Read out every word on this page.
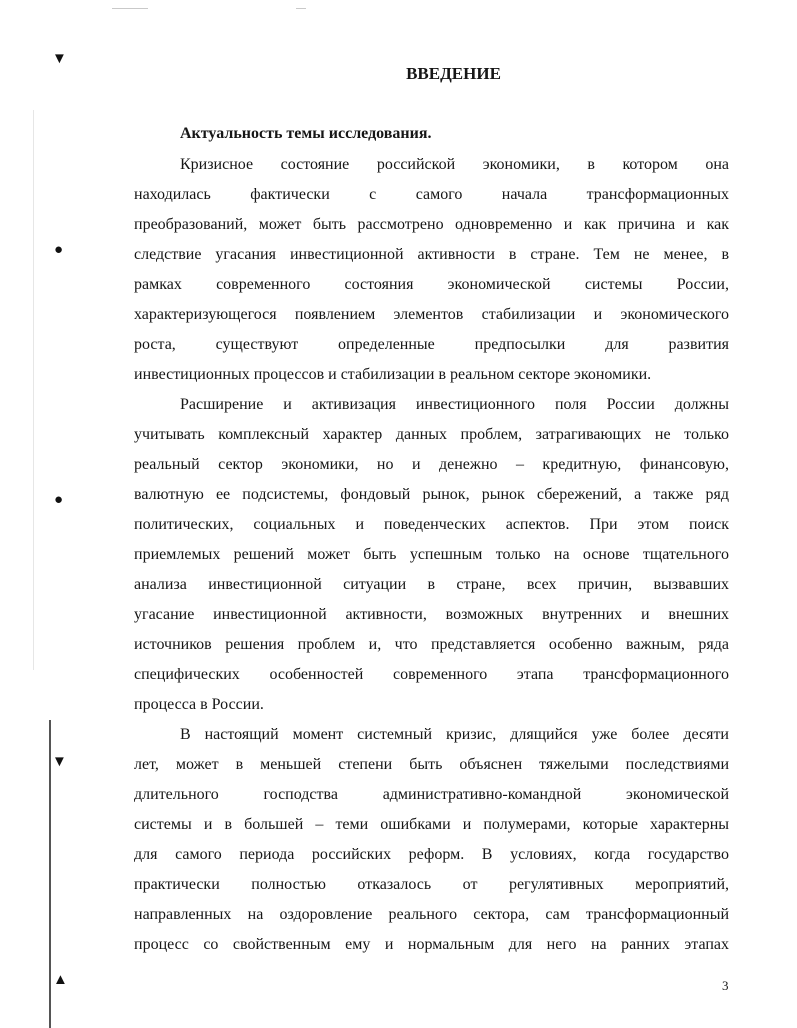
▼
●
●
▼
▲
ВВЕДЕНИЕ
Актуальность темы исследования.
Кризисное состояние российской экономики, в котором она
находилась фактически с самого начала трансформационных
преобразований, может быть рассмотрено одновременно и как причина и как
следствие угасания инвестиционной активности в стране. Тем не менее, в
рамках современного состояния экономической системы России,
характеризующегося появлением элементов стабилизации и экономического
роста, существуют определенные предпосылки для развития
инвестиционных процессов и стабилизации в реальном секторе экономики.
Расширение и активизация инвестиционного поля России должны
учитывать комплексный характер данных проблем, затрагивающих не только
реальный сектор экономики, но и денежно – кредитную, финансовую,
валютную ее подсистемы, фондовый рынок, рынок сбережений, а также ряд
политических, социальных и поведенческих аспектов. При этом поиск
приемлемых решений может быть успешным только на основе тщательного
анализа инвестиционной ситуации в стране, всех причин, вызвавших
угасание инвестиционной активности, возможных внутренних и внешних
источников решения проблем и, что представляется особенно важным, ряда
специфических особенностей современного этапа трансформационного
процесса в России.
В настоящий момент системный кризис, длящийся уже более десяти
лет, может в меньшей степени быть объяснен тяжелыми последствиями
длительного господства административно-командной экономической
системы и в большей – теми ошибками и полумерами, которые характерны
для самого периода российских реформ. В условиях, когда государство
практически полностью отказалось от регулятивных мероприятий,
направленных на оздоровление реального сектора, сам трансформационный
процесс со свойственным ему и нормальным для него на ранних этапах
3
